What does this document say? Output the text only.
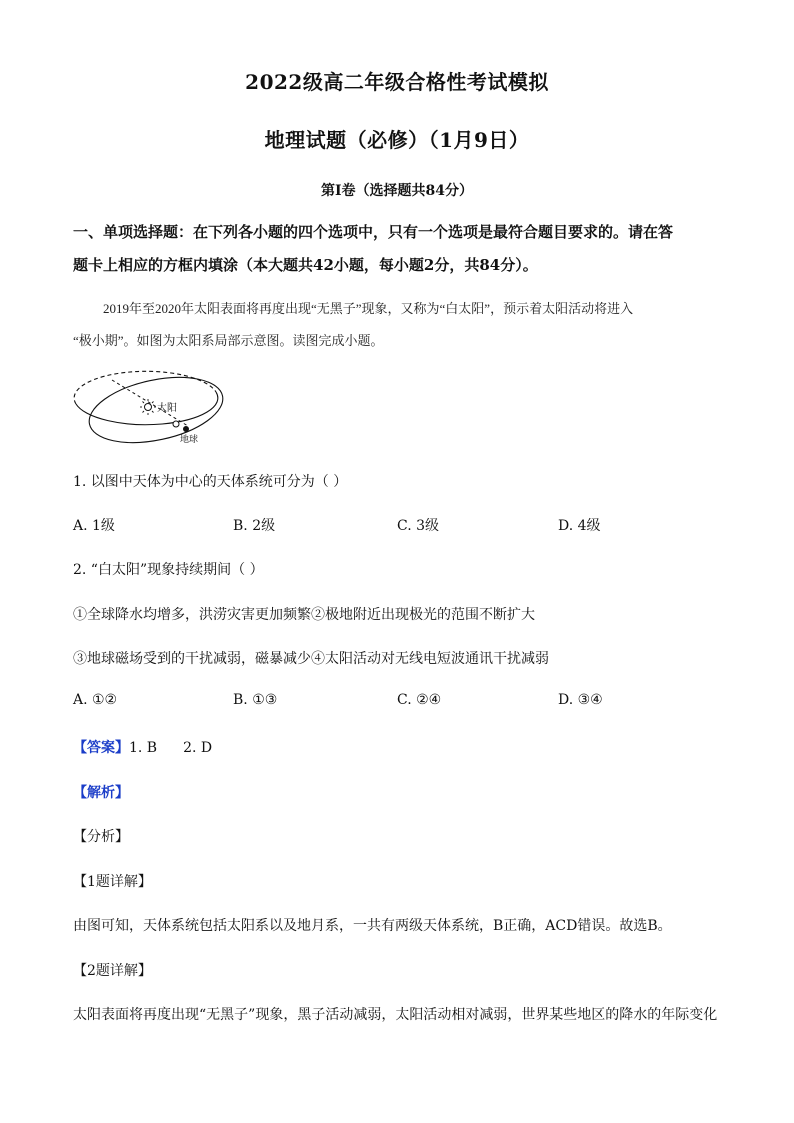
2022级高二年级合格性考试模拟
地理试题（必修）（1月9日）
第Ⅰ卷（选择题共84分）
一、单项选择题：在下列各小题的四个选项中，只有一个选项是最符合题目要求的。请在答
题卡上相应的方框内填涂（本大题共42小题，每小题2分，共84分）。
2019年至2020年太阳表面将再度出现“无黑子”现象，又称为“白太阳”，预示着太阳活动将进入
“极小期”。如图为太阳系局部示意图。读图完成小题。
太阳
地球
1. 以图中天体为中心的天体系统可分为（ ）
A. 1级	B. 2级	C. 3级	D. 4级
2. “白太阳”现象持续期间（ ）
①全球降水均增多，洪涝灾害更加频繁②极地附近出现极光的范围不断扩大
③地球磁场受到的干扰减弱，磁暴减少④太阳活动对无线电短波通讯干扰减弱
A. ①②	B. ①③	C. ②④	D. ③④
【答案】1. B 2. D
【解析】
【分析】
【1题详解】
由图可知，天体系统包括太阳系以及地月系，一共有两级天体系统，B正确，ACD错误。故选B。
【2题详解】
太阳表面将再度出现“无黑子”现象，黑子活动减弱，太阳活动相对减弱，世界某些地区的降水的年际变化
